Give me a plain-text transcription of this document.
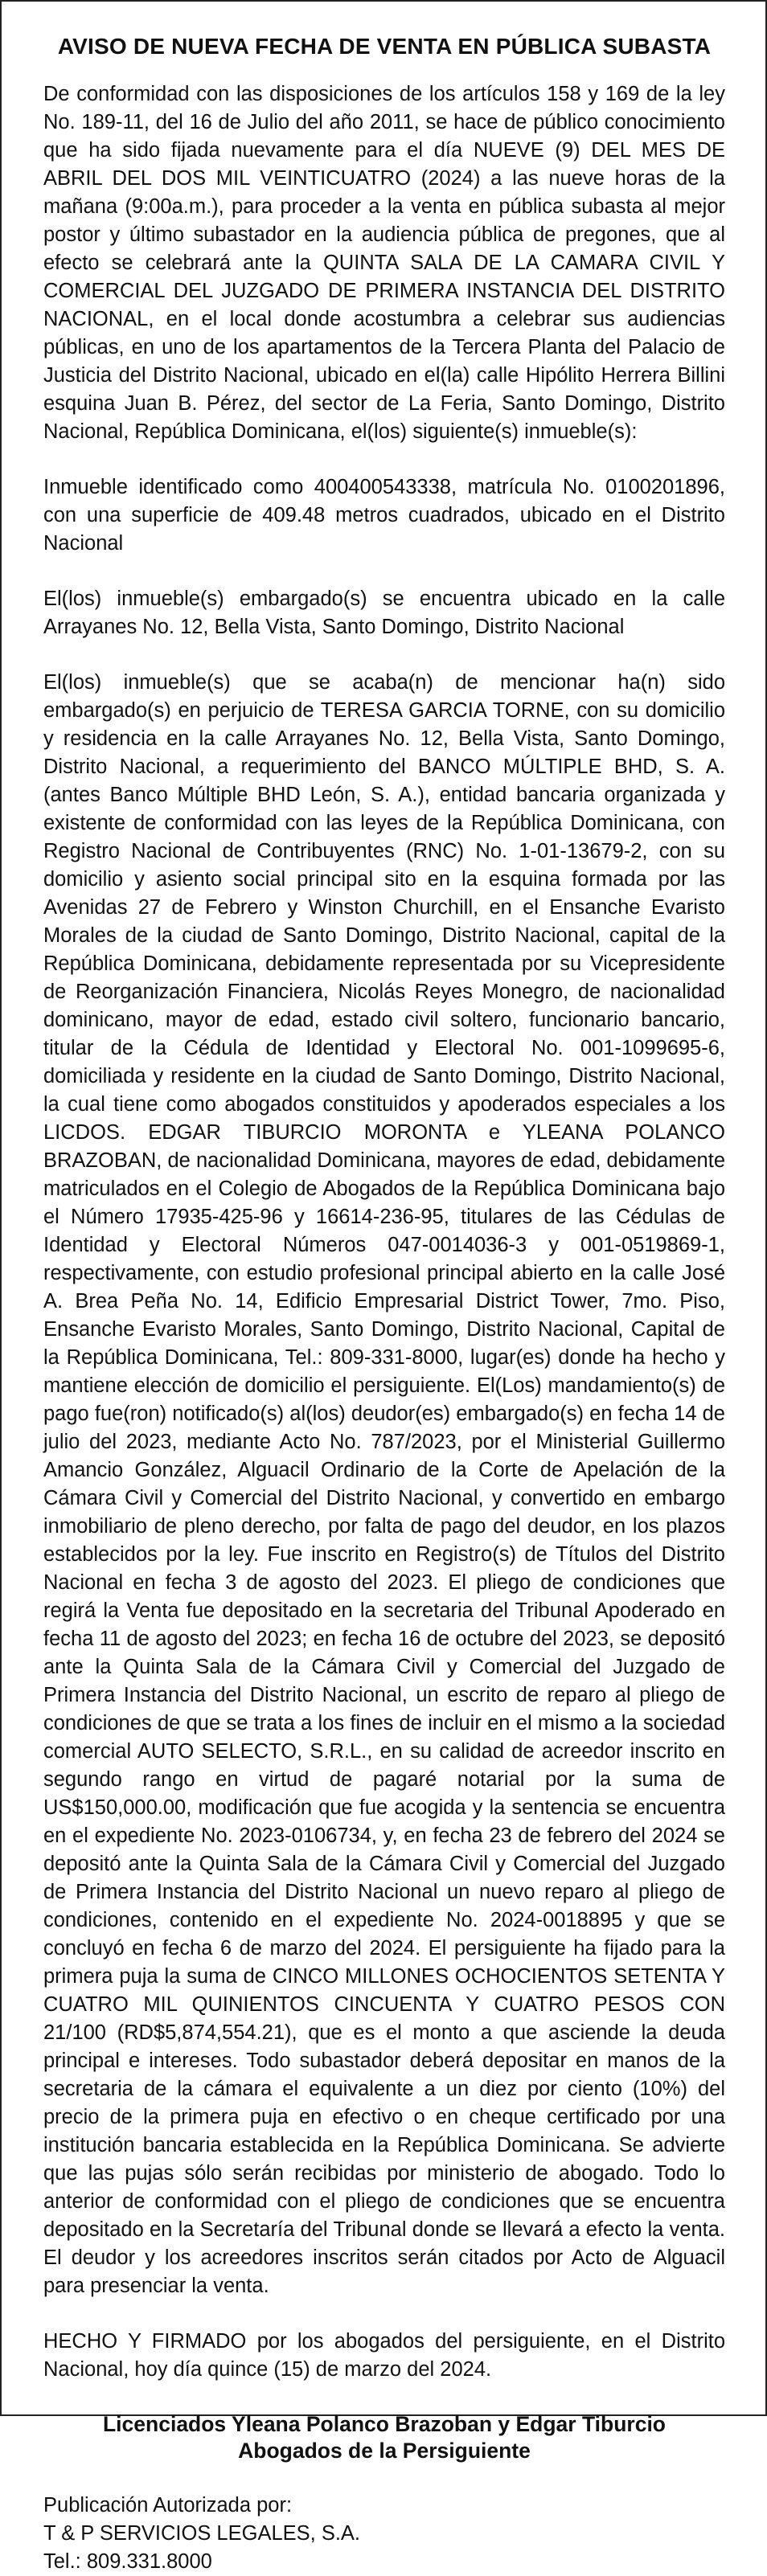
AVISO DE NUEVA FECHA DE VENTA EN PÚBLICA SUBASTA

De conformidad con las disposiciones de los artículos 158 y 169 de la ley No. 189-11, del 16 de Julio del año 2011, se hace de público conocimiento que ha sido fijada nuevamente para el día NUEVE (9) DEL MES DE ABRIL DEL DOS MIL VEINTICUATRO (2024) a las nueve horas de la mañana (9:00a.m.), para proceder a la venta en pública subasta al mejor postor y último subastador en la audiencia pública de pregones, que al efecto se celebrará ante la QUINTA SALA DE LA CAMARA CIVIL Y COMERCIAL DEL JUZGADO DE PRIMERA INSTANCIA DEL DISTRITO NACIONAL, en el local donde acostumbra a celebrar sus audiencias públicas, en uno de los apartamentos de la Tercera Planta del Palacio de Justicia del Distrito Nacional, ubicado en el(la) calle Hipólito Herrera Billini esquina Juan B. Pérez, del sector de La Feria, Santo Domingo, Distrito Nacional, República Dominicana, el(los) siguiente(s) inmueble(s):

Inmueble identificado como 400400543338, matrícula No. 0100201896, con una superficie de 409.48 metros cuadrados, ubicado en el Distrito Nacional

El(los) inmueble(s) embargado(s) se encuentra ubicado en la calle Arrayanes No. 12, Bella Vista, Santo Domingo, Distrito Nacional

El(los) inmueble(s) que se acaba(n) de mencionar ha(n) sido embargado(s) en perjuicio de TERESA GARCIA TORNE, con su domicilio y residencia en la calle Arrayanes No. 12, Bella Vista, Santo Domingo, Distrito Nacional, a requerimiento del BANCO MÚLTIPLE BHD, S. A. (antes Banco Múltiple BHD León, S. A.), entidad bancaria organizada y existente de conformidad con las leyes de la República Dominicana, con Registro Nacional de Contribuyentes (RNC) No. 1-01-13679-2, con su domicilio y asiento social principal sito en la esquina formada por las Avenidas 27 de Febrero y Winston Churchill, en el Ensanche Evaristo Morales de la ciudad de Santo Domingo, Distrito Nacional, capital de la República Dominicana, debidamente representada por su Vicepresidente de Reorganización Financiera, Nicolás Reyes Monegro, de nacionalidad dominicano, mayor de edad, estado civil soltero, funcionario bancario, titular de la Cédula de Identidad y Electoral No. 001-1099695-6, domiciliada y residente en la ciudad de Santo Domingo, Distrito Nacional, la cual tiene como abogados constituidos y apoderados especiales a los LICDOS. EDGAR TIBURCIO MORONTA e YLEANA POLANCO BRAZOBAN, de nacionalidad Dominicana, mayores de edad, debidamente matriculados en el Colegio de Abogados de la República Dominicana bajo el Número 17935-425-96 y 16614-236-95, titulares de las Cédulas de Identidad y Electoral Números 047-0014036-3 y 001-0519869-1, respectivamente, con estudio profesional principal abierto en la calle José A. Brea Peña No. 14, Edificio Empresarial District Tower, 7mo. Piso, Ensanche Evaristo Morales, Santo Domingo, Distrito Nacional, Capital de la República Dominicana, Tel.: 809-331-8000, lugar(es) donde ha hecho y mantiene elección de domicilio el persiguiente. El(Los) mandamiento(s) de pago fue(ron) notificado(s) al(los) deudor(es) embargado(s) en fecha 14 de julio del 2023, mediante Acto No. 787/2023, por el Ministerial Guillermo Amancio González, Alguacil Ordinario de la Corte de Apelación de la Cámara Civil y Comercial del Distrito Nacional, y convertido en embargo inmobiliario de pleno derecho, por falta de pago del deudor, en los plazos establecidos por la ley. Fue inscrito en Registro(s) de Títulos del Distrito Nacional en fecha 3 de agosto del 2023. El pliego de condiciones que regirá la Venta fue depositado en la secretaria del Tribunal Apoderado en fecha 11 de agosto del 2023; en fecha 16 de octubre del 2023, se depositó ante la Quinta Sala de la Cámara Civil y Comercial del Juzgado de Primera Instancia del Distrito Nacional, un escrito de reparo al pliego de condiciones de que se trata a los fines de incluir en el mismo a la sociedad comercial AUTO SELECTO, S.R.L., en su calidad de acreedor inscrito en segundo rango en virtud de pagaré notarial por la suma de US$150,000.00, modificación que fue acogida y la sentencia se encuentra en el expediente No. 2023-0106734, y, en fecha 23 de febrero del 2024 se depositó ante la Quinta Sala de la Cámara Civil y Comercial del Juzgado de Primera Instancia del Distrito Nacional un nuevo reparo al pliego de condiciones, contenido en el expediente No. 2024-0018895 y que se concluyó en fecha 6 de marzo del 2024. El persiguiente ha fijado para la primera puja la suma de CINCO MILLONES OCHOCIENTOS SETENTA Y CUATRO MIL QUINIENTOS CINCUENTA Y CUATRO PESOS CON 21/100 (RD$5,874,554.21), que es el monto a que asciende la deuda principal e intereses. Todo subastador deberá depositar en manos de la secretaria de la cámara el equivalente a un diez por ciento (10%) del precio de la primera puja en efectivo o en cheque certificado por una institución bancaria establecida en la República Dominicana. Se advierte que las pujas sólo serán recibidas por ministerio de abogado. Todo lo anterior de conformidad con el pliego de condiciones que se encuentra depositado en la Secretaría del Tribunal donde se llevará a efecto la venta. El deudor y los acreedores inscritos serán citados por Acto de Alguacil para presenciar la venta.

HECHO Y FIRMADO por los abogados del persiguiente, en el Distrito Nacional, hoy día quince (15) de marzo del 2024.

Licenciados Yleana Polanco Brazoban y Edgar Tiburcio
Abogados de la Persiguiente
Publicación Autorizada por:
T & P SERVICIOS LEGALES, S.A.
Tel.: 809.331.8000
